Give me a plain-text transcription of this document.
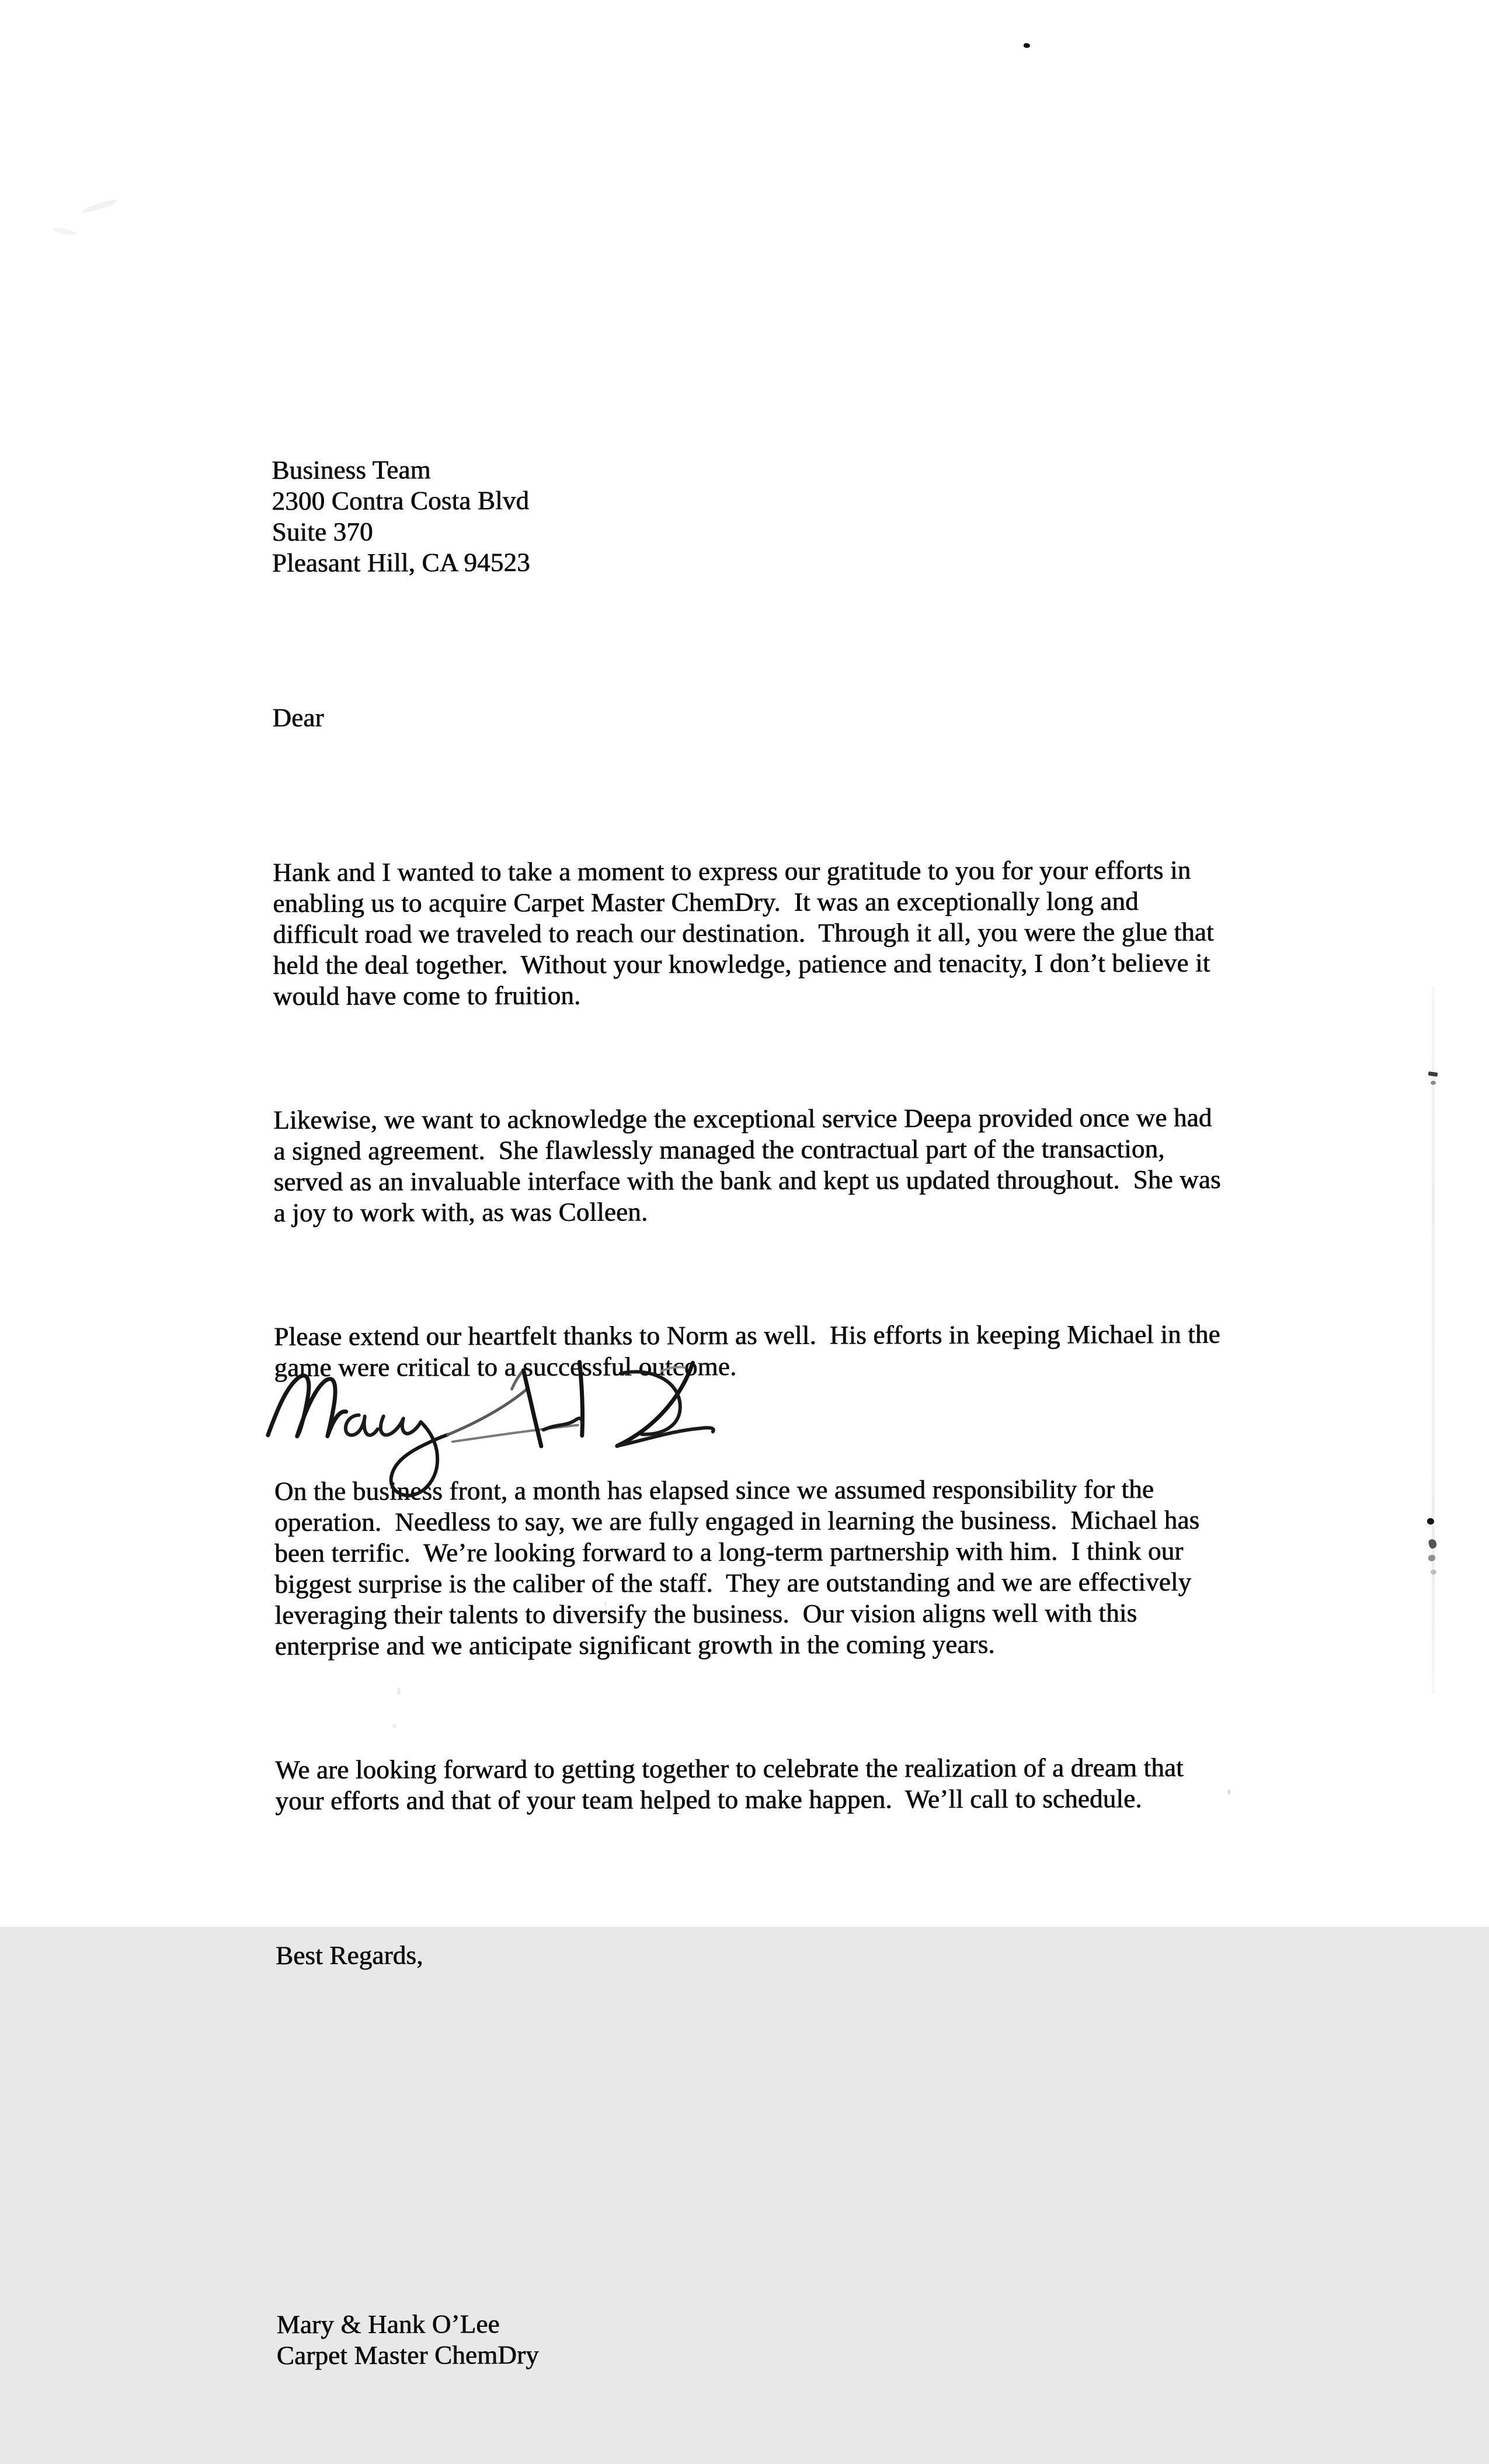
Business Team
2300 Contra Costa Blvd
Suite 370
Pleasant Hill, CA 94523

Dear

Hank and I wanted to take a moment to express our gratitude to you for your efforts in
enabling us to acquire Carpet Master ChemDry.  It was an exceptionally long and
difficult road we traveled to reach our destination.  Through it all, you were the glue that
held the deal together.  Without your knowledge, patience and tenacity, I don’t believe it
would have come to fruition.

Likewise, we want to acknowledge the exceptional service Deepa provided once we had
a signed agreement.  She flawlessly managed the contractual part of the transaction,
served as an invaluable interface with the bank and kept us updated throughout.  She was
a joy to work with, as was Colleen.

Please extend our heartfelt thanks to Norm as well.  His efforts in keeping Michael in the
game were critical to a successful outcome.

On the business front, a month has elapsed since we assumed responsibility for the
operation.  Needless to say, we are fully engaged in learning the business.  Michael has
been terrific.  We’re looking forward to a long-term partnership with him.  I think our
biggest surprise is the caliber of the staff.  They are outstanding and we are effectively
leveraging their talents to diversify the business.  Our vision aligns well with this
enterprise and we anticipate significant growth in the coming years.

We are looking forward to getting together to celebrate the realization of a dream that
your efforts and that of your team helped to make happen.  We’ll call to schedule.

Best Regards,

Mary & Hank O’Lee
Carpet Master ChemDry
